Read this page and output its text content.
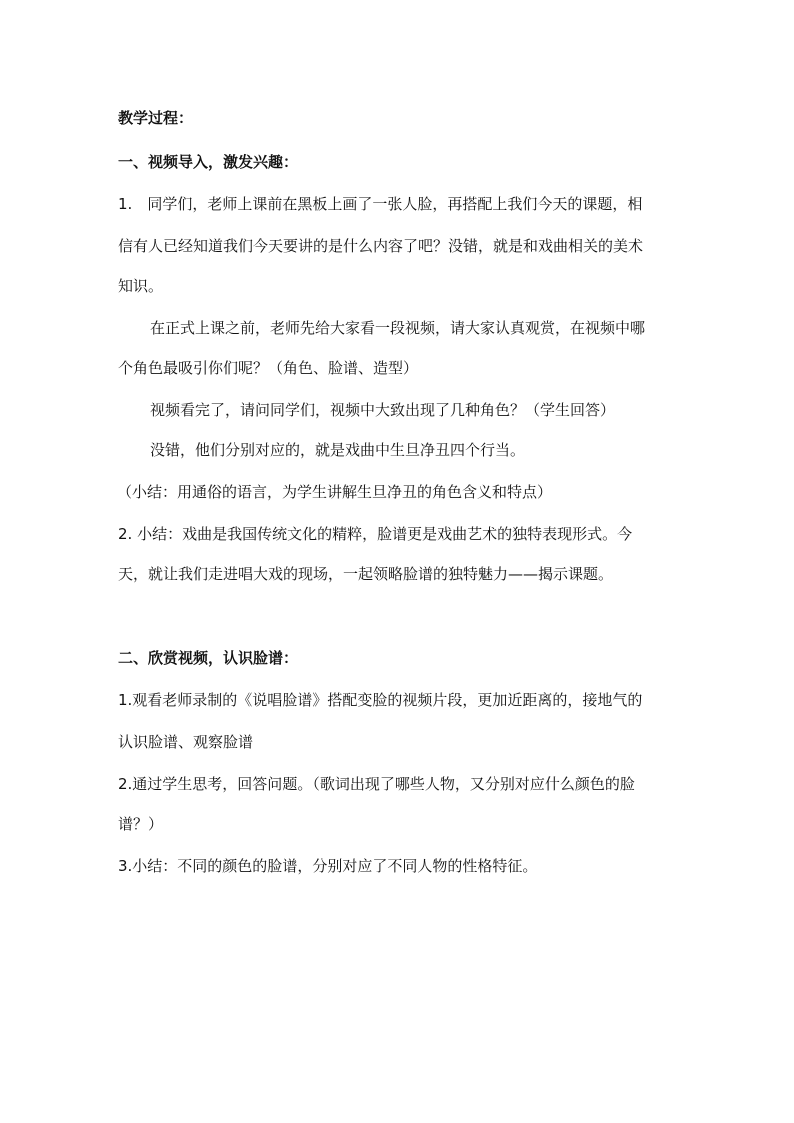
教学过程：
一、视频导入，激发兴趣：
1. 同学们，老师上课前在黑板上画了一张人脸，再搭配上我们今天的课题，相
信有人已经知道我们今天要讲的是什么内容了吧？没错，就是和戏曲相关的美术
知识。
在正式上课之前，老师先给大家看一段视频，请大家认真观赏，在视频中哪
个角色最吸引你们呢？（角色、脸谱、造型）
视频看完了，请问同学们，视频中大致出现了几种角色？（学生回答）
没错，他们分别对应的，就是戏曲中生旦净丑四个行当。
（小结：用通俗的语言，为学生讲解生旦净丑的角色含义和特点）
2. 小结：戏曲是我国传统文化的精粹，脸谱更是戏曲艺术的独特表现形式。今
天，就让我们走进唱大戏的现场，一起领略脸谱的独特魅力——揭示课题。
二、欣赏视频，认识脸谱：
1.观看老师录制的《说唱脸谱》搭配变脸的视频片段，更加近距离的，接地气的
认识脸谱、观察脸谱
2.通过学生思考，回答问题。（歌词出现了哪些人物，又分别对应什么颜色的脸
谱？）
3.小结：不同的颜色的脸谱，分别对应了不同人物的性格特征。
